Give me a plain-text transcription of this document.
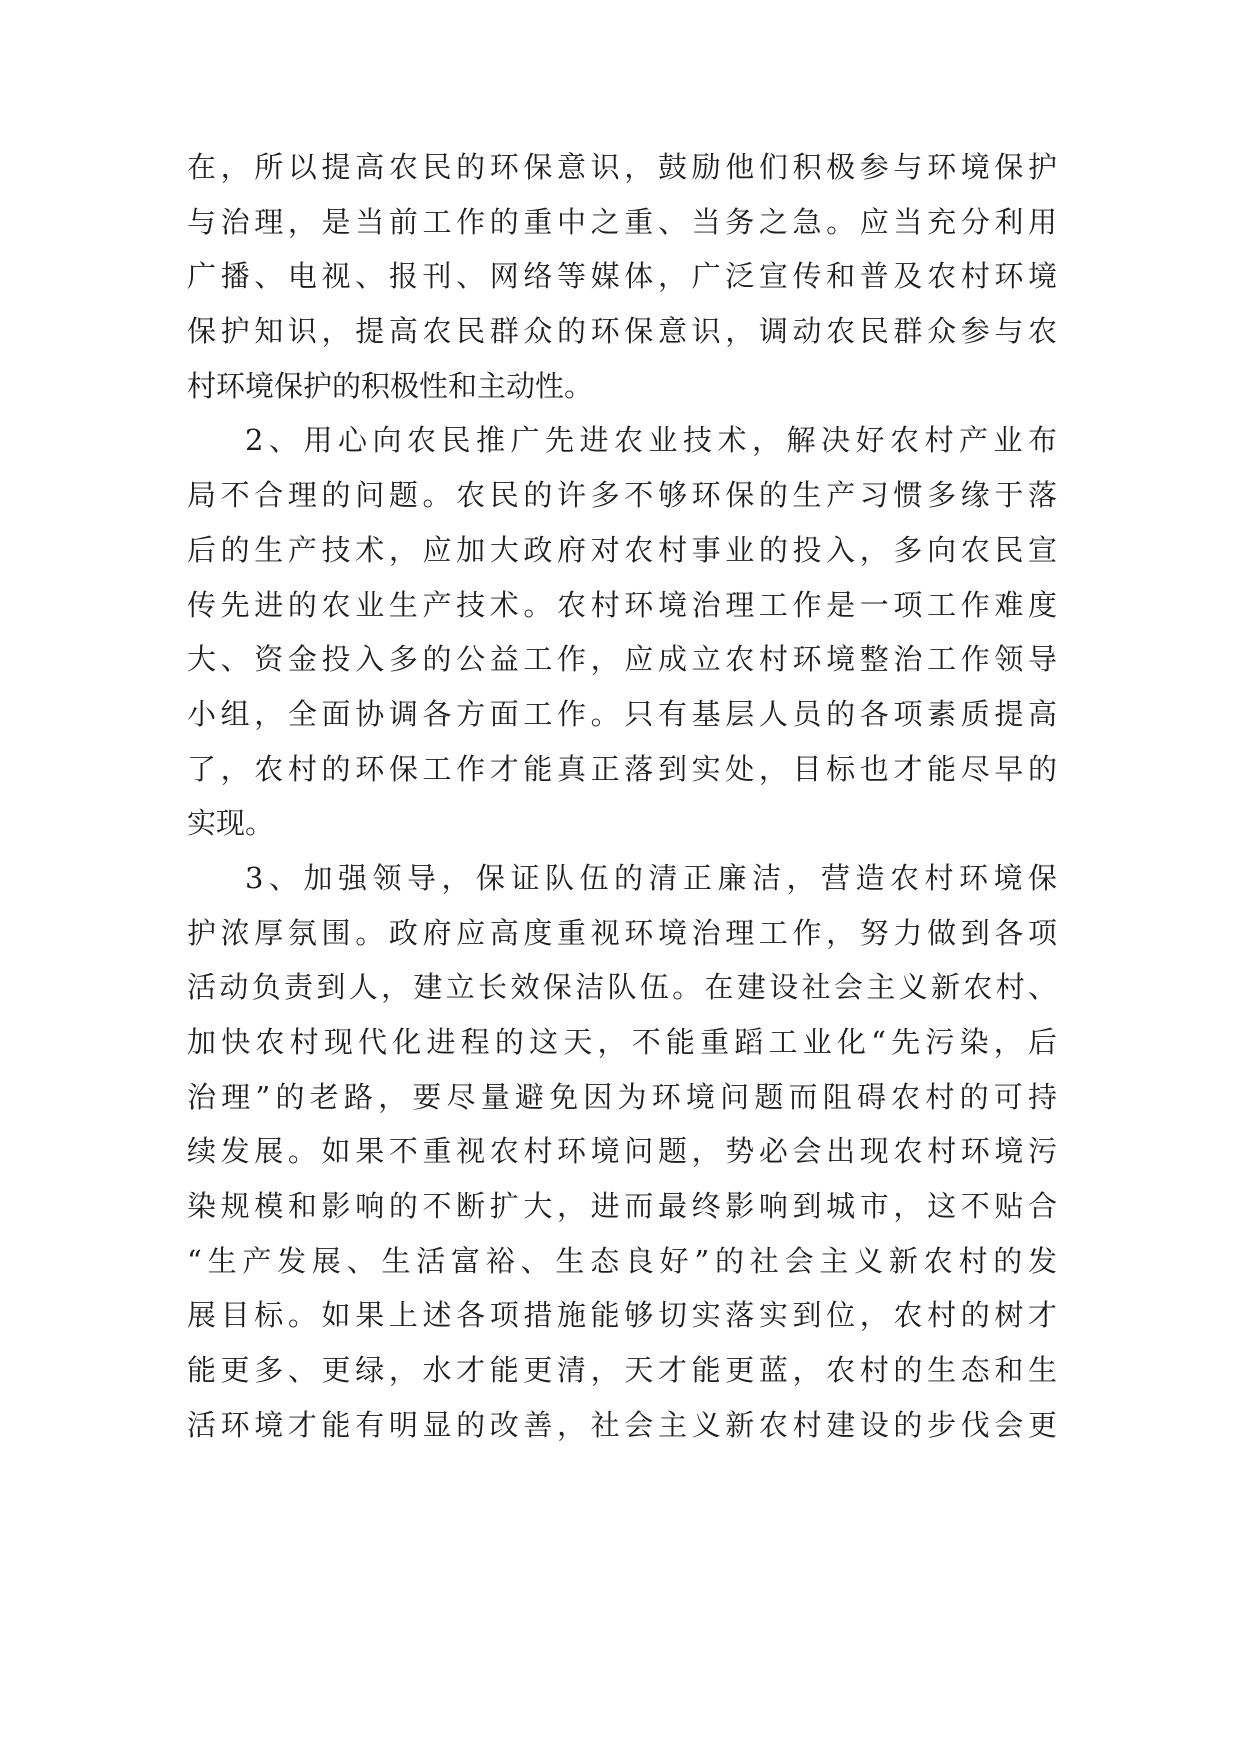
在，所以提高农民的环保意识，鼓励他们积极参与环境保护
与治理，是当前工作的重中之重、当务之急。应当充分利用
广播、电视、报刊、网络等媒体，广泛宣传和普及农村环境
保护知识，提高农民群众的环保意识，调动农民群众参与农
村环境保护的积极性和主动性。
2、用心向农民推广先进农业技术，解决好农村产业布
局不合理的问题。农民的许多不够环保的生产习惯多缘于落
后的生产技术，应加大政府对农村事业的投入，多向农民宣
传先进的农业生产技术。农村环境治理工作是一项工作难度
大、资金投入多的公益工作，应成立农村环境整治工作领导
小组，全面协调各方面工作。只有基层人员的各项素质提高
了，农村的环保工作才能真正落到实处，目标也才能尽早的
实现。
3、加强领导，保证队伍的清正廉洁，营造农村环境保
护浓厚氛围。政府应高度重视环境治理工作，努力做到各项
活动负责到人，建立长效保洁队伍。在建设社会主义新农村、
加快农村现代化进程的这天，不能重蹈工业化“先污染，后
治理”的老路，要尽量避免因为环境问题而阻碍农村的可持
续发展。如果不重视农村环境问题，势必会出现农村环境污
染规模和影响的不断扩大，进而最终影响到城市，这不贴合
“生产发展、生活富裕、生态良好”的社会主义新农村的发
展目标。如果上述各项措施能够切实落实到位，农村的树才
能更多、更绿，水才能更清，天才能更蓝，农村的生态和生
活环境才能有明显的改善，社会主义新农村建设的步伐会更
